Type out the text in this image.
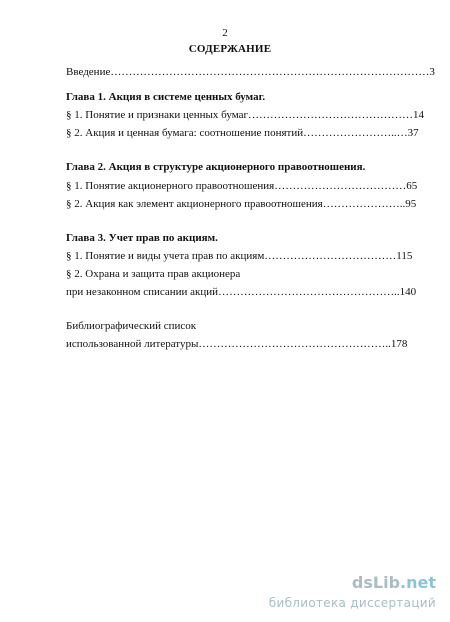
2
СОДЕРЖАНИЕ
Введение……………………………………………………………………………3
Глава 1. Акция в системе ценных бумаг.
§ 1. Понятие и признаки ценных бумаг………………………………………14
§ 2. Акция и ценная бумага: соотношение понятий……………………..…37
Глава 2. Акция в структуре акционерного правоотношения.
§ 1. Понятие акционерного правоотношения………………………………65
§ 2. Акция как элемент акционерного правоотношения…………………..95
Глава 3. Учет прав по акциям.
§ 1. Понятие и виды учета прав по акциям………………………………115
§ 2. Охрана и защита прав акционера
при незаконном списании акций…………………………………………..140
Библиографический список
использованной литературы……………………………………………..178
dsLib.net
библиотека диссертаций
